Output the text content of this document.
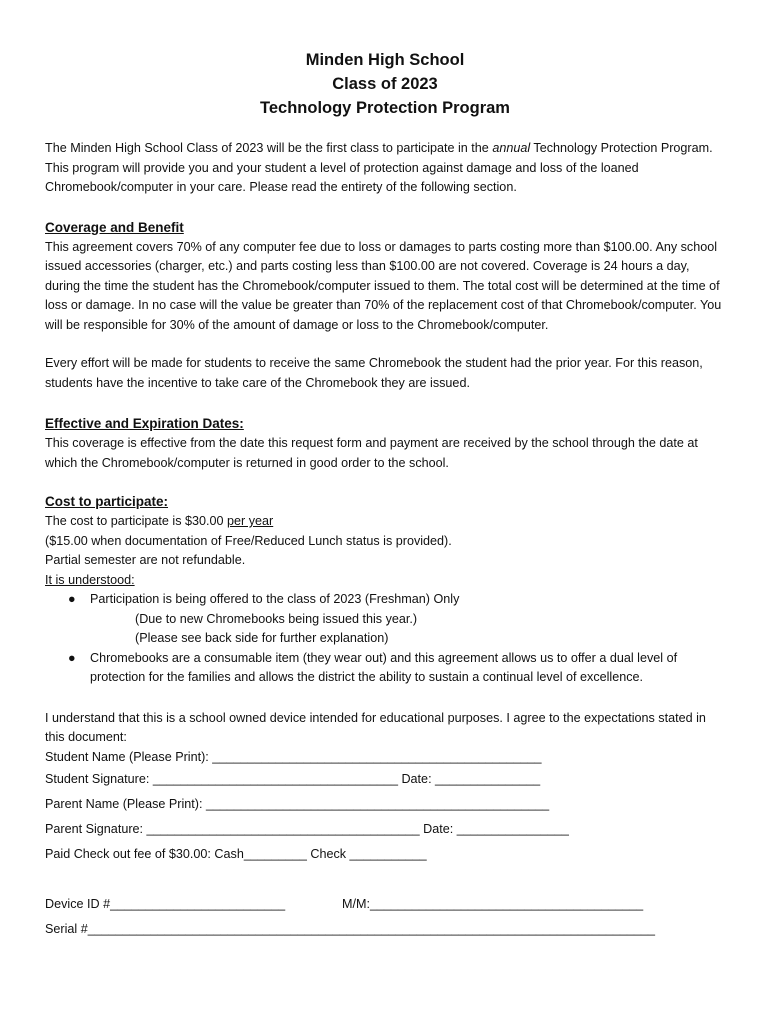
Minden High School
Class of 2023
Technology Protection Program

The Minden High School Class of 2023 will be the first class to participate in the annual Technology Protection Program. This program will provide you and your student a level of protection against damage and loss of the loaned Chromebook/computer in your care. Please read the entirety of the following section.

Coverage and Benefit

This agreement covers 70% of any computer fee due to loss or damages to parts costing more than $100.00. Any school issued accessories (charger, etc.) and parts costing less than $100.00 are not covered. Coverage is 24 hours a day, during the time the student has the Chromebook/computer issued to them. The total cost will be determined at the time of loss or damage. In no case will the value be greater than 70% of the replacement cost of that Chromebook/computer. You will be responsible for 30% of the amount of damage or loss to the Chromebook/computer.

Every effort will be made for students to receive the same Chromebook the student had the prior year. For this reason, students have the incentive to take care of the Chromebook they are issued.

Effective and Expiration Dates:

This coverage is effective from the date this request form and payment are received by the school through the date at which the Chromebook/computer is returned in good order to the school.

Cost to participate:

The cost to participate is $30.00 per year

($15.00 when documentation of Free/Reduced Lunch status is provided).

Partial semester are not refundable.

It is understood:

● Participation is being offered to the class of 2023 (Freshman) Only

(Due to new Chromebooks being issued this year.)

(Please see back side for further explanation)

● Chromebooks are a consumable item (they wear out) and this agreement allows us to offer a dual level of protection for the families and allows the district the ability to sustain a continual level of excellence.

I understand that this is a school owned device intended for educational purposes. I agree to the expectations stated in this document:

Student Name (Please Print): _______________________________________________

Student Signature: ___________________________________ Date: _______________

Parent Name (Please Print): _________________________________________________

Parent Signature: _______________________________________ Date: ________________

Paid Check out fee of $30.00: Cash_________ Check ___________

Device ID #_________________________	M/M:_______________________________________

Serial #_________________________________________________________________________________
